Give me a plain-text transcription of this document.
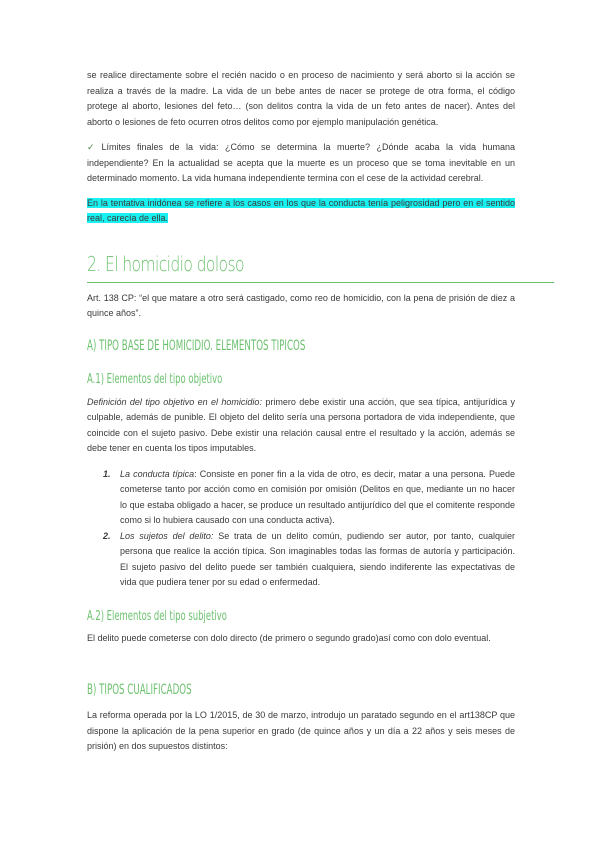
se realice directamente sobre el recién nacido o en proceso de nacimiento y será aborto si la acción se realiza a través de la madre. La vida de un bebe antes de nacer se protege de otra forma, el código protege al aborto, lesiones del feto… (son delitos contra la vida de un feto antes de nacer). Antes del aborto o lesiones de feto ocurren otros delitos como por ejemplo manipulación genética.

✓ Límites finales de la vida: ¿Cómo se determina la muerte? ¿Dónde acaba la vida humana independiente? En la actualidad se acepta que la muerte es un proceso que se toma inevitable en un determinado momento. La vida humana independiente termina con el cese de la actividad cerebral.

En la tentativa inidónea se refiere a los casos en los que la conducta tenía peligrosidad pero en el sentido real, carecía de ella.

2. El homicidio doloso

Art. 138 CP: “el que matare a otro será castigado, como reo de homicidio, con la pena de prisión de diez a quince años”.

A) TIPO BASE DE HOMICIDIO. ELEMENTOS TIPICOS
A.1) Elementos del tipo objetivo

Definición del tipo objetivo en el homicidio: primero debe existir una acción, que sea típica, antijurídica y culpable, además de punible. El objeto del delito sería una persona portadora de vida independiente, que coincide con el sujeto pasivo. Debe existir una relación causal entre el resultado y la acción, además se debe tener en cuenta los tipos imputables.

1. La conducta típica: Consiste en poner fin a la vida de otro, es decir, matar a una persona. Puede cometerse tanto por acción como en comisión por omisión (Delitos en que, mediante un no hacer lo que estaba obligado a hacer, se produce un resultado antijurídico del que el comitente responde como si lo hubiera causado con una conducta activa).

2. Los sujetos del delito: Se trata de un delito común, pudiendo ser autor, por tanto, cualquier persona que realice la acción típica. Son imaginables todas las formas de autoría y participación. El sujeto pasivo del delito puede ser también cualquiera, siendo indiferente las expectativas de vida que pudiera tener por su edad o enfermedad.

A.2) Elementos del tipo subjetivo

El delito puede cometerse con dolo directo (de primero o segundo grado)así como con dolo eventual.

B) TIPOS CUALIFICADOS

La reforma operada por la LO 1/2015, de 30 de marzo, introdujo un paratado segundo en el art138CP que dispone la aplicación de la pena superior en grado (de quince años y un día a 22 años y seis meses de prisión) en dos supuestos distintos:
